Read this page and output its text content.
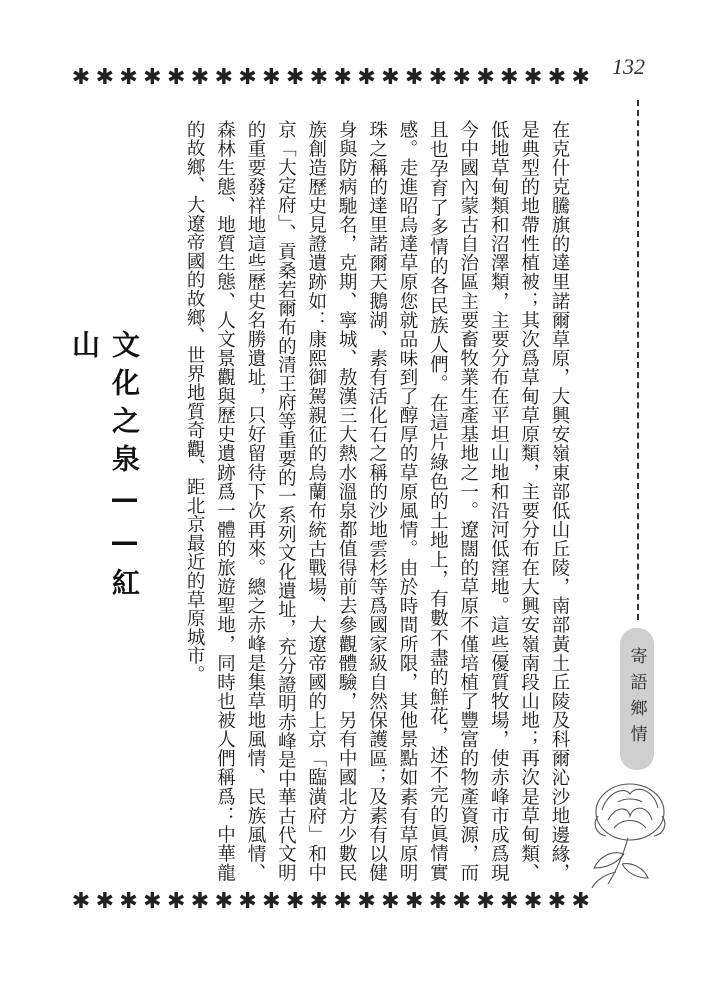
132
✱ ✱ ✱ ✱ ✱ ✱ ✱ ✱ ✱ ✱ ✱ ✱ ✱ ✱ ✱ ✱ ✱ ✱ ✱ ✱ ✱ ✱
寄語鄉情
在克什克騰旗的達里諾爾草原，大興安嶺東部低山丘陵，南部黃土丘陵及科爾沁沙地邊緣，是典型的地帶性植被；其次爲草甸草原類，主要分布在大興安嶺南段山地；再次是草甸類、低地草甸類和沼澤類，主要分布在平坦山地和沿河低窪地。這些優質牧場，使赤峰市成爲現今中國內蒙古自治區主要畜牧業生產基地之一。遼闊的草原不僅培植了豐富的物產資源，而且也孕育了多情的各民族人們。在這片綠色的土地上，有數不盡的鮮花，述不完的眞情實感。走進昭烏達草原您就品味到了醇厚的草原風情。由於時間所限，其他景點如素有草原明珠之稱的達里諾爾天鵝湖、素有活化石之稱的沙地雲杉等爲國家級自然保護區；及素有以健身與防病馳名，克期、寧城、敖漢三大熱水溫泉都值得前去參觀體驗，另有中國北方少數民族創造歷史見證遺跡如：康熙御駕親征的烏蘭布統古戰場、大遼帝國的上京「臨潢府」和中京「大定府」、貢桑若爾布的清王府等重要的一系列文化遺址，充分證明赤峰是中華古代文明的重要發祥地這些歷史名勝遺址，只好留待下次再來。總之赤峰是集草地風情、民族風情、森林生態、地質生態、人文景觀與歷史遺跡爲一體的旅遊聖地，同時也被人們稱爲：中華龍的故鄉、大遼帝國的故鄉、世界地質奇觀、距北京最近的草原城市。
文化之泉——紅山
✱ ✱ ✱ ✱ ✱ ✱ ✱ ✱ ✱ ✱ ✱ ✱ ✱ ✱ ✱ ✱ ✱ ✱ ✱ ✱ ✱ ✱
